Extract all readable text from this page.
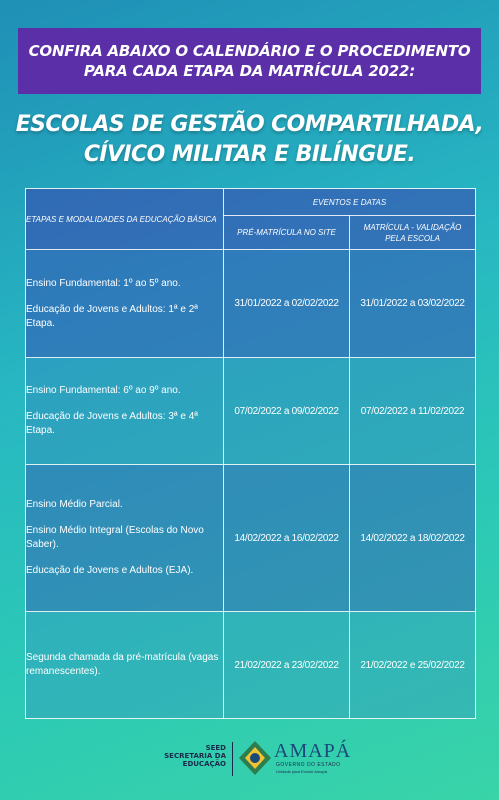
CONFIRA ABAIXO O CALENDÁRIO E O PROCEDIMENTO
PARA CADA ETAPA DA MATRÍCULA 2022:
ESCOLAS DE GESTÃO COMPARTILHADA,
CÍVICO MILITAR E BILÍNGUE.
ETAPAS E MODALIDADES DA EDUCAÇÃO BÁSICA	EVENTOS E DATAS	
	PRÉ-MATRÍCULA NO SITE	MATRÍCULA - VALIDAÇÃO
PELA ESCOLA

Ensino Fundamental: 1º ao 5º ano.

Educação de Jovens e Adultos: 1ª e 2ª Etapa.	31/01/2022 a 02/02/2022	31/01/2022 a 03/02/2022

Ensino Fundamental: 6º ao 9º ano.

Educação de Jovens e Adultos: 3ª e 4ª Etapa.	07/02/2022 a 09/02/2022	07/02/2022 a 11/02/2022

Ensino Médio Parcial.

Ensino Médio Integral (Escolas do Novo Saber).

Educação de Jovens e Adultos (EJA).	14/02/2022 a 16/02/2022	14/02/2022 a 18/02/2022

Segunda chamada da pré-matrícula (vagas remanescentes).	21/02/2022 a 23/02/2022	21/02/2022 e 25/02/2022
SEED
SECRETARIA DA
EDUCAÇÃO
AMAPÁ
GOVERNO DO ESTADO
Unidade para Evoluir Amapá
